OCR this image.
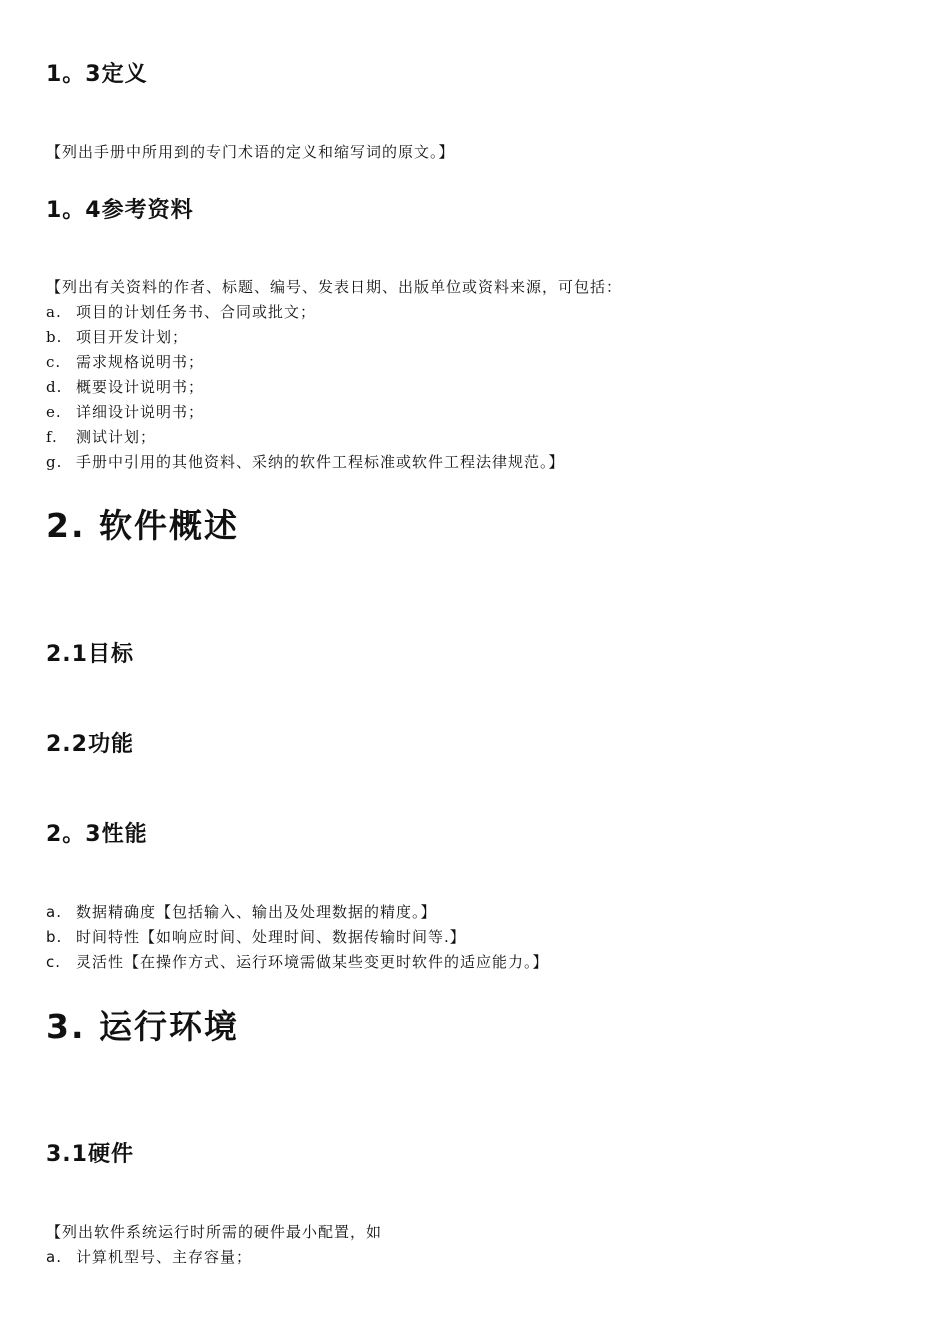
1。3定义

【列出手册中所用到的专门术语的定义和缩写词的原文。】

1。4参考资料
【列出有关资料的作者、标题、编号、发表日期、出版单位或资料来源，可包括：
a. 项目的计划任务书、合同或批文；
b. 项目开发计划；
c. 需求规格说明书；
d. 概要设计说明书；
e. 详细设计说明书；
f.	测试计划；
g. 手册中引用的其他资料、采纳的软件工程标准或软件工程法律规范。】
2. 软件概述
2.1目标
2.2功能
2。3性能
a. 数据精确度【包括输入、输出及处理数据的精度。】
b. 时间特性【如响应时间、处理时间、数据传输时间等.】
c. 灵活性【在操作方式、运行环境需做某些变更时软件的适应能力。】
3. 运行环境
3.1硬件
【列出软件系统运行时所需的硬件最小配置，如
a. 计算机型号、主存容量；
